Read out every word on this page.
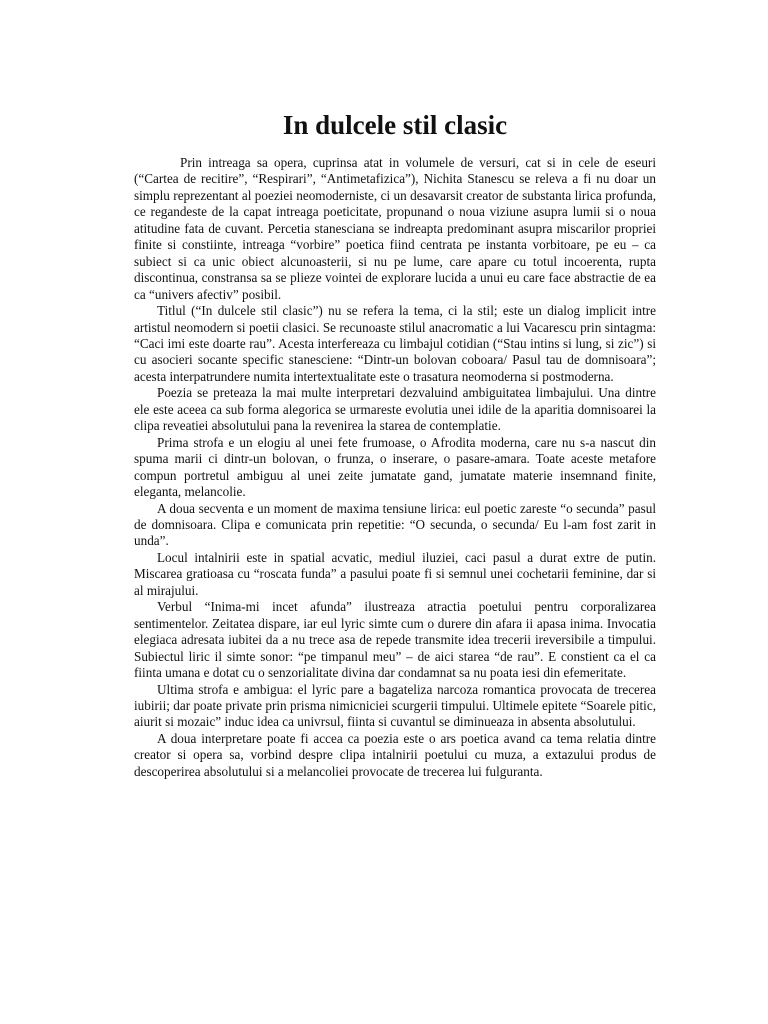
In dulcele stil clasic

Prin intreaga sa opera, cuprinsa atat in volumele de versuri, cat si in cele de eseuri (“Cartea de recitire”, “Respirari”, “Antimetafizica”), Nichita Stanescu se releva a fi nu doar un simplu reprezentant al poeziei neomoderniste, ci un desavarsit creator de substanta lirica profunda, ce regandeste de la capat intreaga poeticitate, propunand o noua viziune asupra lumii si o noua atitudine fata de cuvant. Percetia stanesciana se indreapta predominant asupra miscarilor propriei finite si constiinte, intreaga “vorbire” poetica fiind centrata pe instanta vorbitoare, pe eu – ca subiect si ca unic obiect alcunoasterii, si nu pe lume, care apare cu totul incoerenta, rupta discontinua, constransa sa se plieze vointei de explorare lucida a unui eu care face abstractie de ea ca “univers afectiv” posibil.

Titlul (“In dulcele stil clasic”) nu se refera la tema, ci la stil; este un dialog implicit intre artistul neomodern si poetii clasici. Se recunoaste stilul anacromatic a lui Vacarescu prin sintagma: “Caci imi este doarte rau”. Acesta interfereaza cu limbajul cotidian (“Stau intins si lung, si zic”) si cu asocieri socante specific stanesciene: “Dintr-un bolovan coboara/ Pasul tau de domnisoara”; acesta interpatrundere numita intertextualitate este o trasatura neomoderna si postmoderna.

Poezia se preteaza la mai multe interpretari dezvaluind ambiguitatea limbajului. Una dintre ele este aceea ca sub forma alegorica se urmareste evolutia unei idile de la aparitia domnisoarei la clipa reveatiei absolutului pana la revenirea la starea de contemplatie.

Prima strofa e un elogiu al unei fete frumoase, o Afrodita moderna, care nu s-a nascut din spuma marii ci dintr-un bolovan, o frunza, o inserare, o pasare-amara. Toate aceste metafore compun portretul ambiguu al unei zeite jumatate gand, jumatate materie insemnand finite, eleganta, melancolie.

A doua secventa e un moment de maxima tensiune lirica: eul poetic zareste “o secunda” pasul de domnisoara. Clipa e comunicata prin repetitie: “O secunda, o secunda/ Eu l-am fost zarit in unda”.

Locul intalnirii este in spatial acvatic, mediul iluziei, caci pasul a durat extre de putin. Miscarea gratioasa cu “roscata funda” a pasului poate fi si semnul unei cochetarii feminine, dar si al mirajului.

Verbul “Inima-mi incet afunda” ilustreaza atractia poetului pentru corporalizarea sentimentelor. Zeitatea dispare, iar eul lyric simte cum o durere din afara ii apasa inima. Invocatia elegiaca adresata iubitei da a nu trece asa de repede transmite idea trecerii ireversibile a timpului. Subiectul liric il simte sonor: “pe timpanul meu” – de aici starea “de rau”. E constient ca el ca fiinta umana e dotat cu o senzorialitate divina dar condamnat sa nu poata iesi din efemeritate.

Ultima strofa e ambigua: el lyric pare a bagateliza narcoza romantica provocata de trecerea iubirii; dar poate private prin prisma nimicniciei scurgerii timpului. Ultimele epitete “Soarele pitic, aiurit si mozaic” induc idea ca univrsul, fiinta si cuvantul se diminueaza in absenta absolutului.

A doua interpretare poate fi accea ca poezia este o ars poetica avand ca tema relatia dintre creator si opera sa, vorbind despre clipa intalnirii poetului cu muza, a extazului produs de descoperirea absolutului si a melancoliei provocate de trecerea lui fulguranta.
